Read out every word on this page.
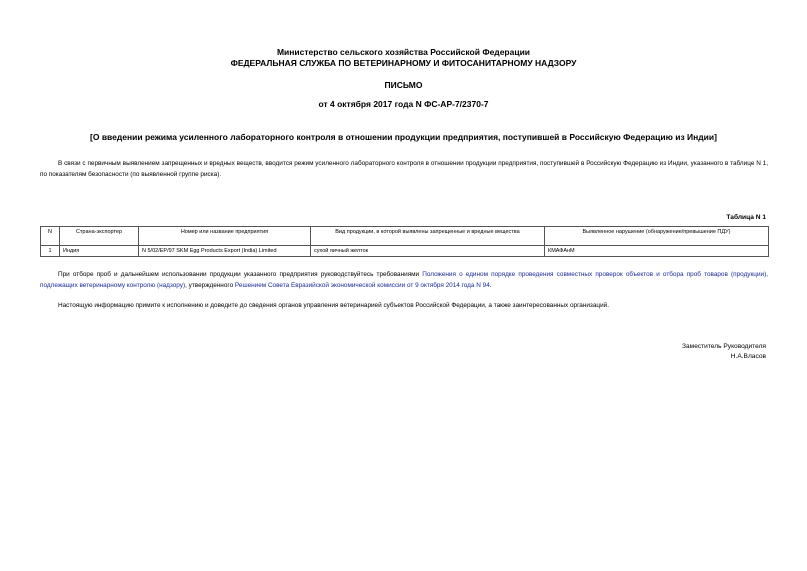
Министерство сельского хозяйства Российской Федерации
ФЕДЕРАЛЬНАЯ СЛУЖБА ПО ВЕТЕРИНАРНОМУ И ФИТОСАНИТАРНОМУ НАДЗОРУ
ПИСЬМО
от 4 октября 2017 года N ФС-АР-7/2370-7
[О введении режима усиленного лабораторного контроля в отношении продукции предприятия, поступившей в Российскую Федерацию из Индии]
В связи с первичным выявлением запрещенных и вредных веществ, вводится режим усиленного лабораторного контроля в отношении продукции предприятия, поступившей в Российскую Федерацию из Индии, указанного в таблице N 1, по показателям безопасности (по выявленной группе риска).
Таблица N 1
N	Страна-экспортер	Номер или название предприятия	Вид продукции, в которой выявлены запрещенные и вредные вещества	Выявленное нарушение (обнаружение/превышение ПДУ)
1	Индия	N 5/02/EP/97 SKM Egg Products Export (India) Limited	сухой яичный желток	КМАФАнМ
При отборе проб и дальнейшем использовании продукции указанного предприятия руководствуйтесь требованиями Положения о едином порядке проведения совместных проверок объектов и отбора проб товаров (продукции), подлежащих ветеринарному контролю (надзору), утвержденного Решением Совета Евразийской экономической комиссии от 9 октября 2014 года N 94.
Настоящую информацию примите к исполнению и доведите до сведения органов управления ветеринарией субъектов Российской Федерации, а также заинтересованных организаций.
Заместитель Руководителя
Н.А.Власов
